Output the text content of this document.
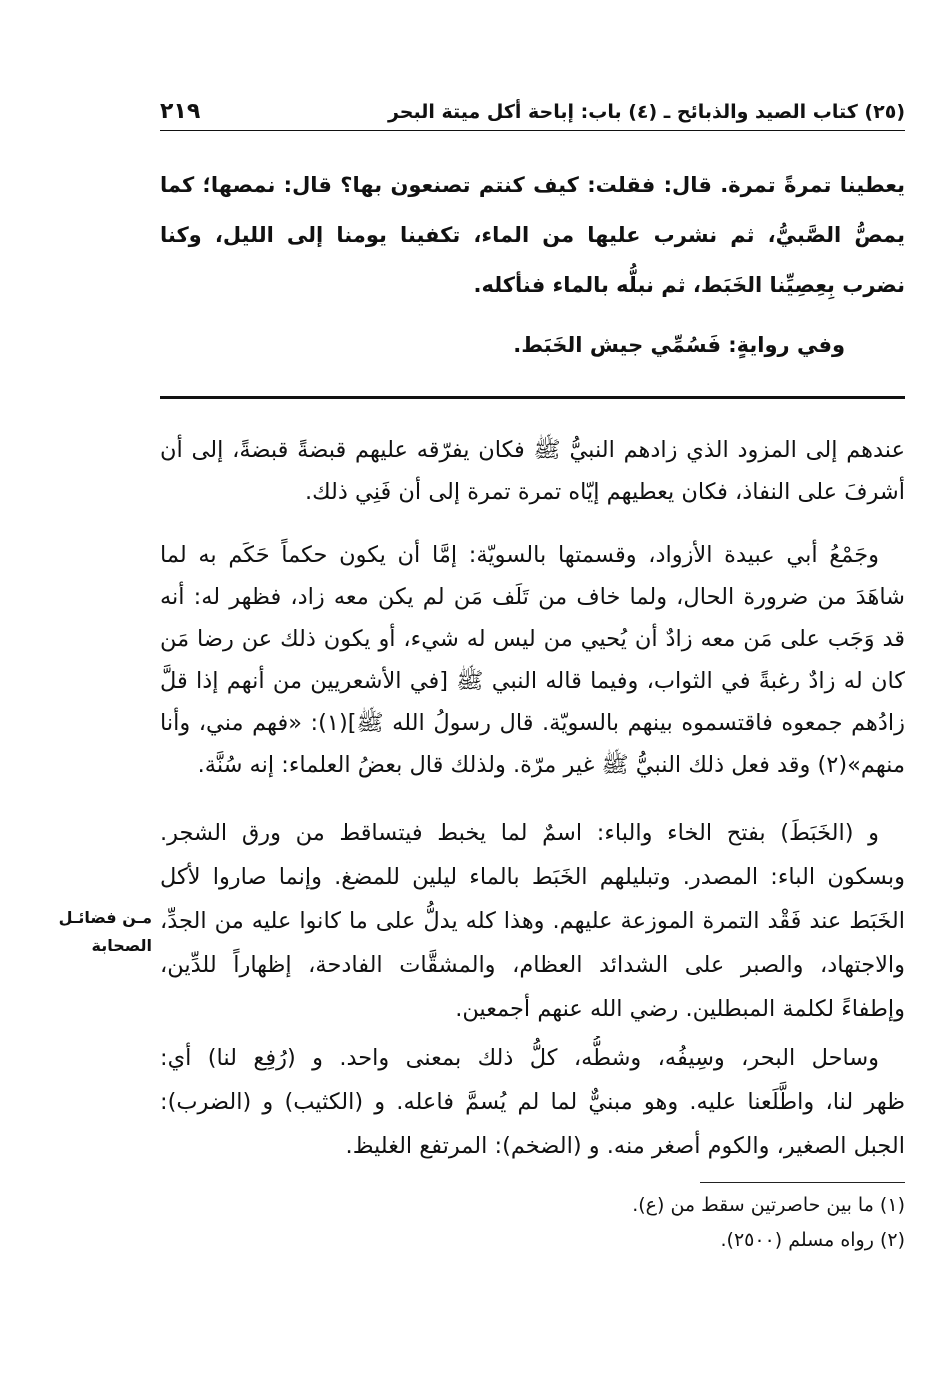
(٢٥) كتاب الصيد والذبائح ـ (٤) باب: إباحة أكل ميتة البحر
٢١٩
يعطينا تمرةً تمرة. قال: فقلت: كيف كنتم تصنعون بها؟ قال: نمصها؛ كما
يمصُّ الصَّبيُّ، ثم نشرب عليها من الماء، تكفينا يومنا إلى الليل، وكنا
نضرب بِعِصِيِّنا الخَبَط، ثم نبلُّه بالماء فنأكله.
وفي روايةٍ: فَسُمِّي جيش الخَبَط.
عندهم إلى المزود الذي زادهم النبيُّ ﷺ فكان يفرّقه عليهم قبضةً قبضةً، إلى أن
أشرفَ على النفاذ، فكان يعطيهم إيّاه تمرة تمرة إلى أن فَنِي ذلك.
وجَمْعُ أبي عبيدة الأزواد، وقسمتها بالسويّة: إمَّا أن يكون حكماً حَكَم به لما
شاهَدَ من ضرورة الحال، ولما خاف من تَلَف مَن لم يكن معه زاد، فظهر له: أنه
قد وَجَب على مَن معه زادٌ أن يُحيي من ليس له شيء، أو يكون ذلك عن رضا مَن
كان له زادٌ رغبةً في الثواب، وفيما قاله النبي ﷺ [في الأشعريين من أنهم إذا قلَّ
زادُهم جمعوه فاقتسموه بينهم بالسويّة. قال رسولُ الله ﷺ](١): «فهم مني، وأنا
منهم»(٢) وقد فعل ذلك النبيُّ ﷺ غير مرّة. ولذلك قال بعضُ العلماء: إنه سُنَّة.
و (الخَبَطَ) بفتح الخاء والباء: اسمٌ لما يخبط فيتساقط من ورق الشجر.
وبسكون الباء: المصدر. وتبليلهم الخَبَط بالماء ليلين للمضغ. وإنما صاروا لأكل
الخَبَط عند فَقْد التمرة الموزعة عليهم. وهذا كله يدلُّ على ما كانوا عليه من الجدِّ،
والاجتهاد، والصبر على الشدائد العظام، والمشقَّات الفادحة، إظهاراً للدِّين،
وإطفاءً لكلمة المبطلين. رضي الله عنهم أجمعين.
وساحل البحر، وسِيفُه، وشطُّه، كلُّ ذلك بمعنى واحد. و (رُفِع لنا) أي:
ظهر لنا، واطَّلَعنا عليه. وهو مبنيٌّ لما لم يُسمَّ فاعله. و (الكثيب) و (الضرب):
الجبل الصغير، والكوم أصغر منه. و (الضخم): المرتفع الغليظ.
مـن فضائـل
الصحابة
(١) ما بين حاصرتين سقط من (ع).
(٢) رواه مسلم (٢٥٠٠).
